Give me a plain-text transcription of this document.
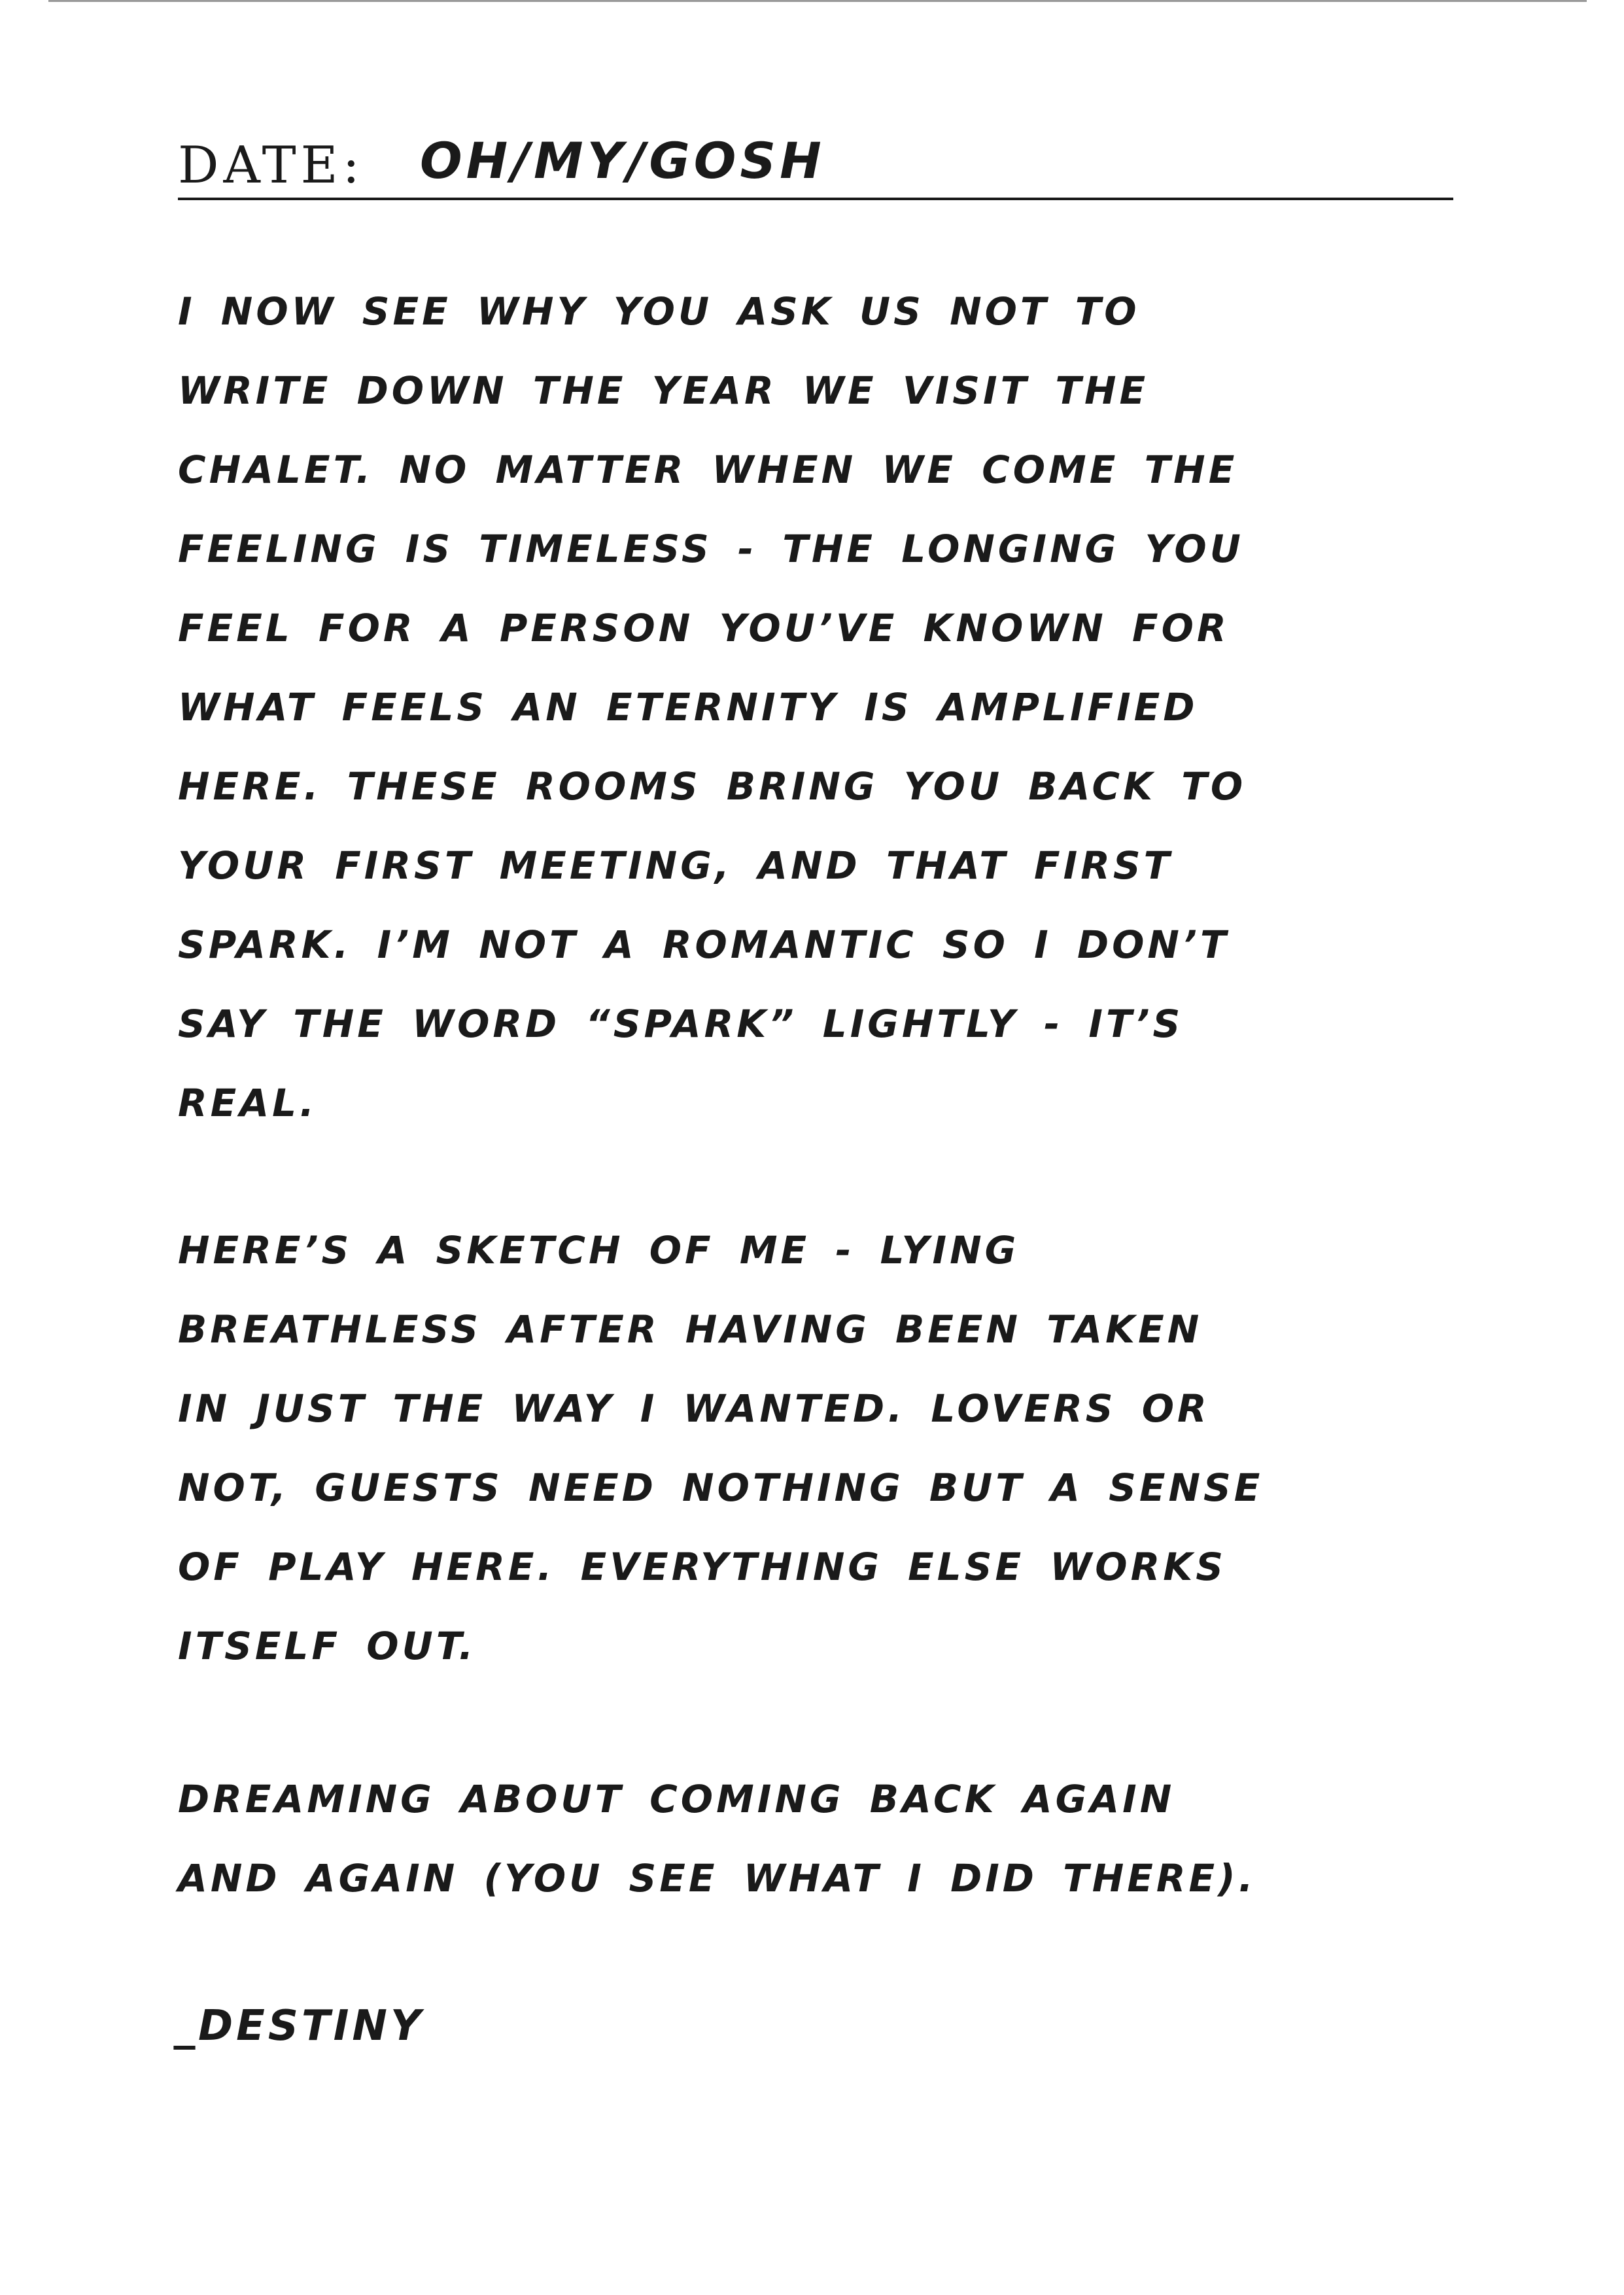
DATE: OH/MY/GOSH
I NOW SEE WHY YOU ASK US NOT TO
WRITE DOWN THE YEAR WE VISIT THE
CHALET. NO MATTER WHEN WE COME THE
FEELING IS TIMELESS - THE LONGING YOU
FEEL FOR A PERSON YOU’VE KNOWN FOR
WHAT FEELS AN ETERNITY IS AMPLIFIED
HERE. THESE ROOMS BRING YOU BACK TO
YOUR FIRST MEETING, AND THAT FIRST
SPARK. I’M NOT A ROMANTIC SO I DON’T
SAY THE WORD “SPARK” LIGHTLY - IT’S
REAL.
HERE’S A SKETCH OF ME - LYING
BREATHLESS AFTER HAVING BEEN TAKEN
IN JUST THE WAY I WANTED. LOVERS OR
NOT, GUESTS NEED NOTHING BUT A SENSE
OF PLAY HERE. EVERYTHING ELSE WORKS
ITSELF OUT.
DREAMING ABOUT COMING BACK AGAIN
AND AGAIN (YOU SEE WHAT I DID THERE).
_DESTINY
